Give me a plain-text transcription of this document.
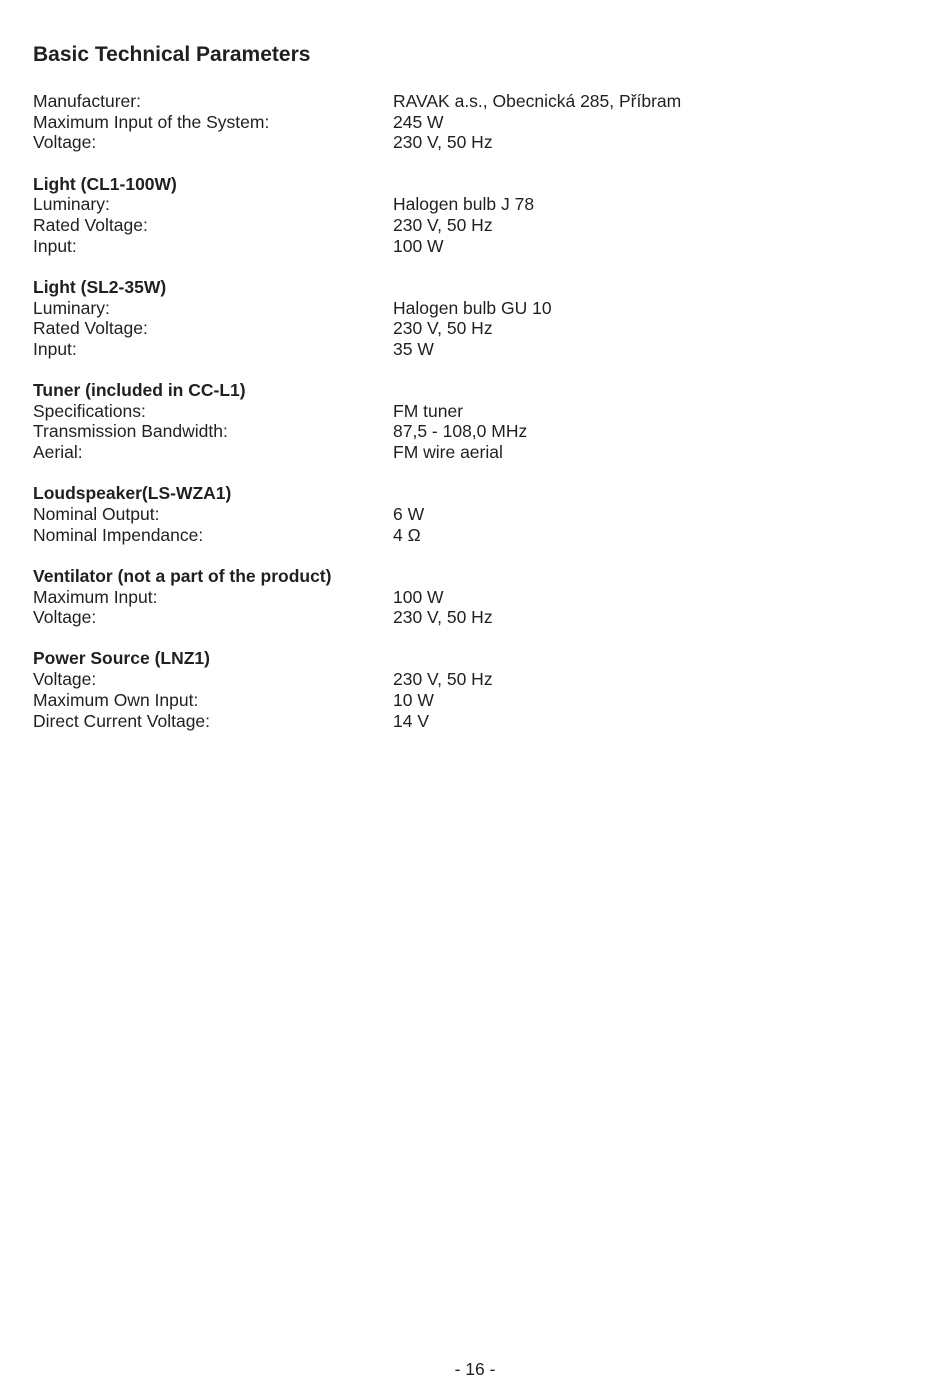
Basic Technical Parameters
Manufacturer:	RAVAK a.s., Obecnická 285, Příbram
Maximum Input of the System:	245 W
Voltage:	230 V, 50 Hz
Light (CL1-100W)
Luminary:	Halogen bulb J 78
Rated Voltage:	230 V, 50 Hz
Input:	100 W
Light (SL2-35W)
Luminary:	Halogen bulb GU 10
Rated Voltage:	230 V, 50 Hz
Input:	35 W
Tuner (included in CC-L1)
Specifications:	FM tuner
Transmission Bandwidth:	87,5 - 108,0 MHz
Aerial:	FM wire aerial
Loudspeaker(LS-WZA1)
Nominal Output:	6 W
Nominal Impendance:	4 Ω
Ventilator (not a part of the product)
Maximum Input:	100 W
Voltage:	230 V, 50 Hz
Power Source (LNZ1)
Voltage:	230 V, 50 Hz
Maximum Own Input:	10 W
Direct Current Voltage:	14 V
- 16 -
